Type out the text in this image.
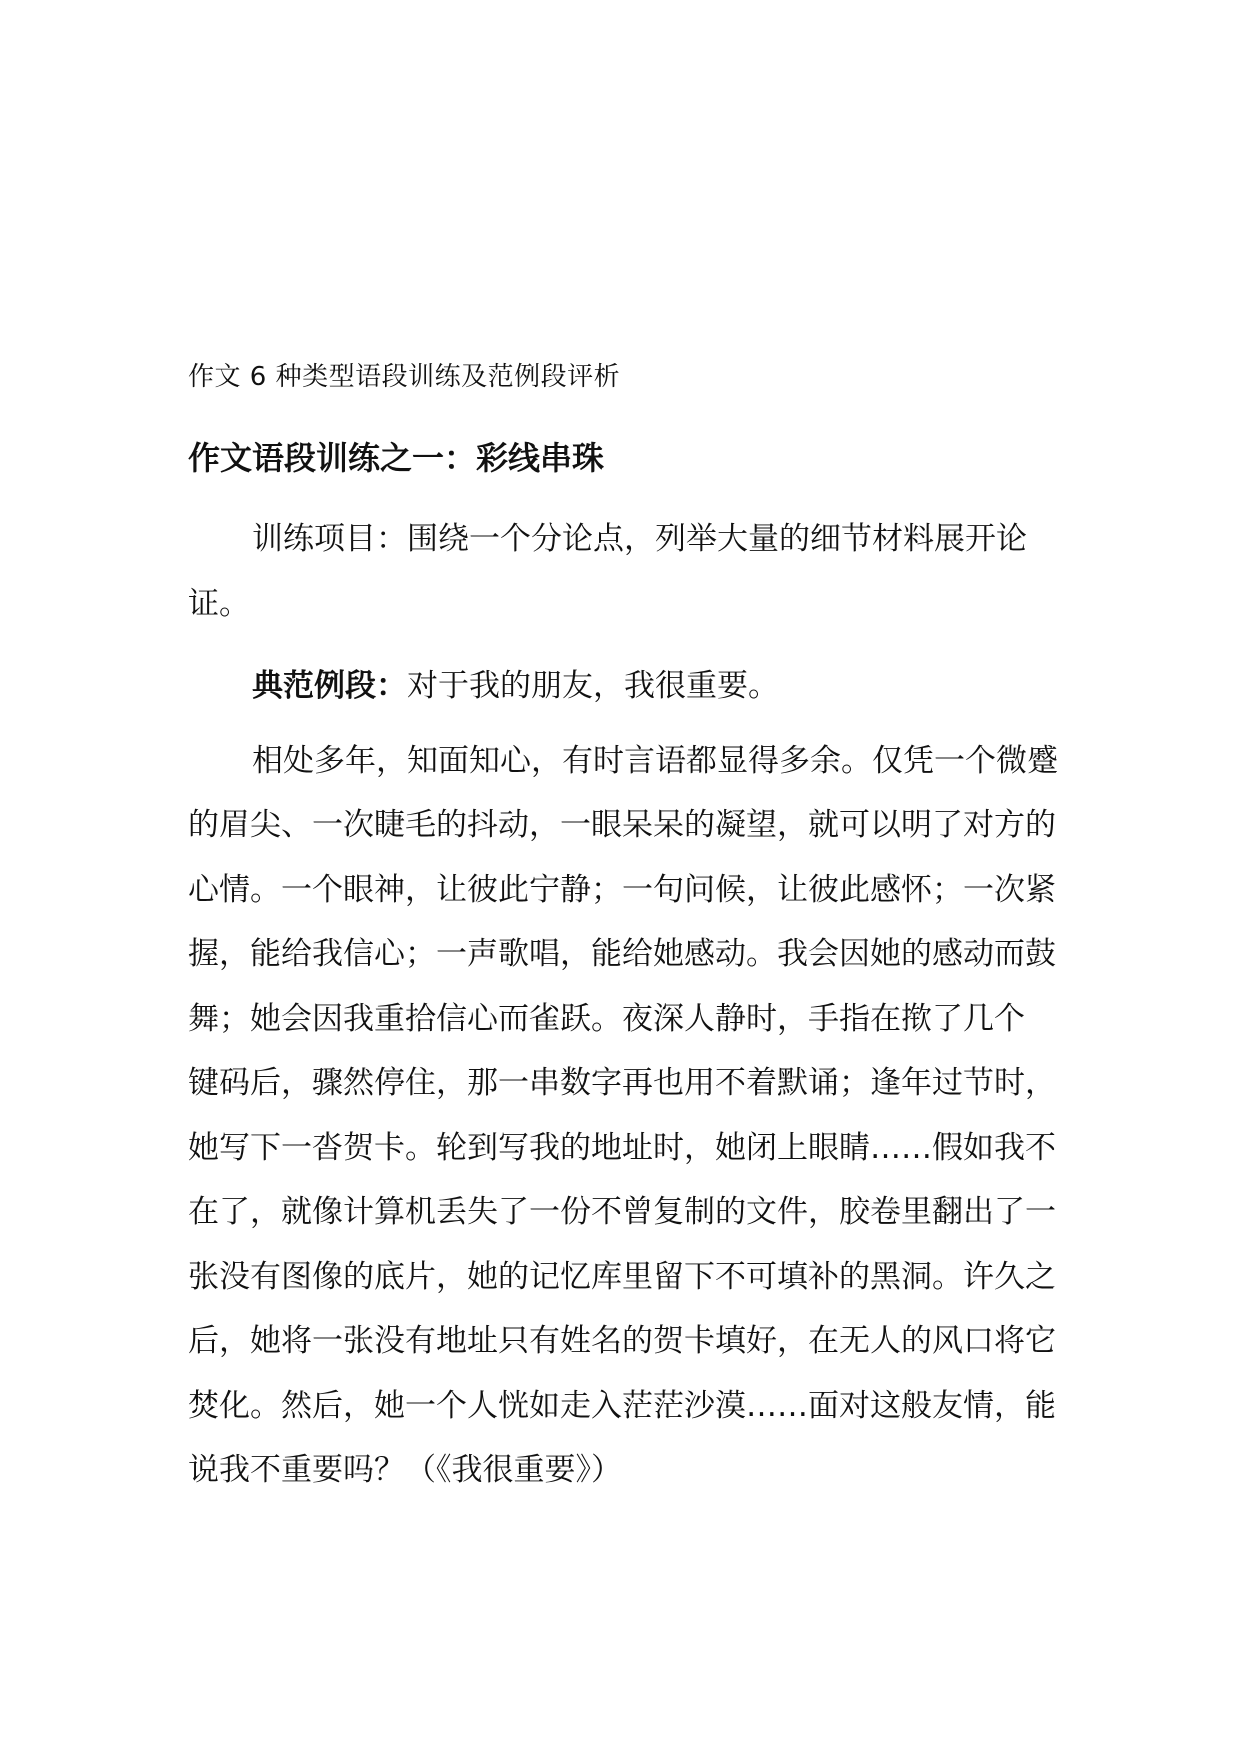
作文 6 种类型语段训练及范例段评析
作文语段训练之一：彩线串珠

训练项目：围绕一个分论点，列举大量的细节材料展开论证。

典范例段：对于我的朋友，我很重要。

相处多年，知面知心，有时言语都显得多余。仅凭一个微蹙的眉尖、一次睫毛的抖动，一眼呆呆的凝望，就可以明了对方的心情。一个眼神，让彼此宁静；一句问候，让彼此感怀；一次紧握，能给我信心；一声歌唱，能给她感动。我会因她的感动而鼓舞；她会因我重拾信心而雀跃。夜深人静时，手指在揿了几个　　键码后，骤然停住，那一串数字再也用不着默诵；逢年过节时，她写下一沓贺卡。轮到写我的地址时，她闭上眼睛……假如我不在了，就像计算机丢失了一份不曾复制的文件，胶卷里翻出了一张没有图像的底片，她的记忆库里留下不可填补的黑洞。许久之后，她将一张没有地址只有姓名的贺卡填好，在无人的风口将它焚化。然后，她一个人恍如走入茫茫沙漠……面对这般友情，能说我不重要吗？（《我很重要》）
